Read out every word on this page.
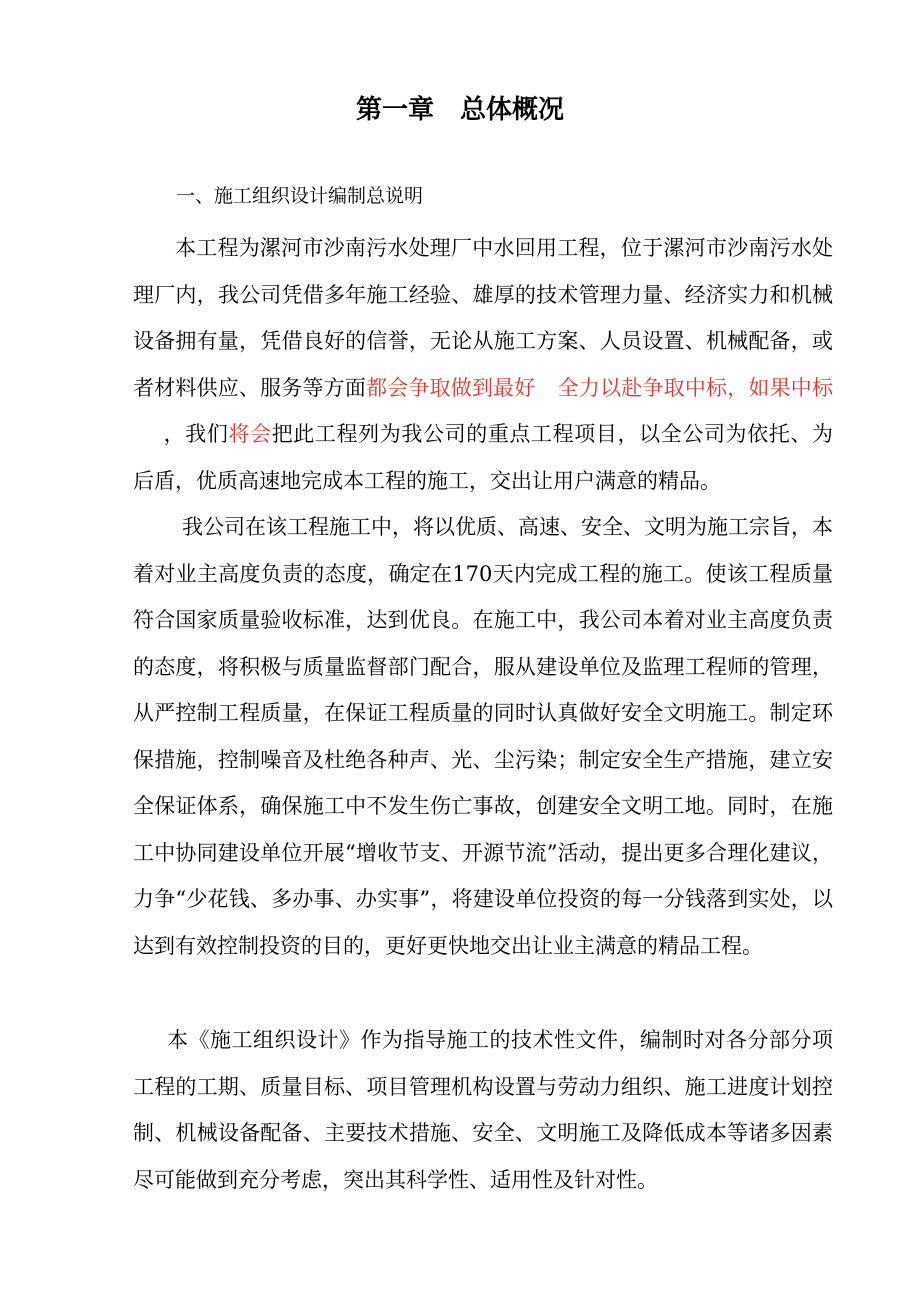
第一章 总体概况

一、施工组织设计编制总说明

本工程为漯河市沙南污水处理厂中水回用工程，位于漯河市沙南污水处理厂内，我公司凭借多年施工经验、雄厚的技术管理力量、经济实力和机械设备拥有量，凭借良好的信誉，无论从施工方案、人员设置、机械配备，或者材料供应、服务等方面都会争取做到最好 全力以赴争取中标，如果中标，我们将会把此工程列为我公司的重点工程项目，以全公司为依托、为后盾，优质高速地完成本工程的施工，交出让用户满意的精品。

我公司在该工程施工中，将以优质、高速、安全、文明为施工宗旨，本着对业主高度负责的态度，确定在170天内完成工程的施工。使该工程质量符合国家质量验收标准，达到优良。在施工中，我公司本着对业主高度负责的态度，将积极与质量监督部门配合，服从建设单位及监理工程师的管理，从严控制工程质量，在保证工程质量的同时认真做好安全文明施工。制定环保措施，控制噪音及杜绝各种声、光、尘污染；制定安全生产措施，建立安全保证体系，确保施工中不发生伤亡事故，创建安全文明工地。同时，在施工中协同建设单位开展“增收节支、开源节流”活动，提出更多合理化建议，力争“少花钱、多办事、办实事”，将建设单位投资的每一分钱落到实处，以达到有效控制投资的目的，更好更快地交出让业主满意的精品工程。

本《施工组织设计》作为指导施工的技术性文件，编制时对各分部分项工程的工期、质量目标、项目管理机构设置与劳动力组织、施工进度计划控制、机械设备配备、主要技术措施、安全、文明施工及降低成本等诸多因素尽可能做到充分考虑，突出其科学性、适用性及针对性。
